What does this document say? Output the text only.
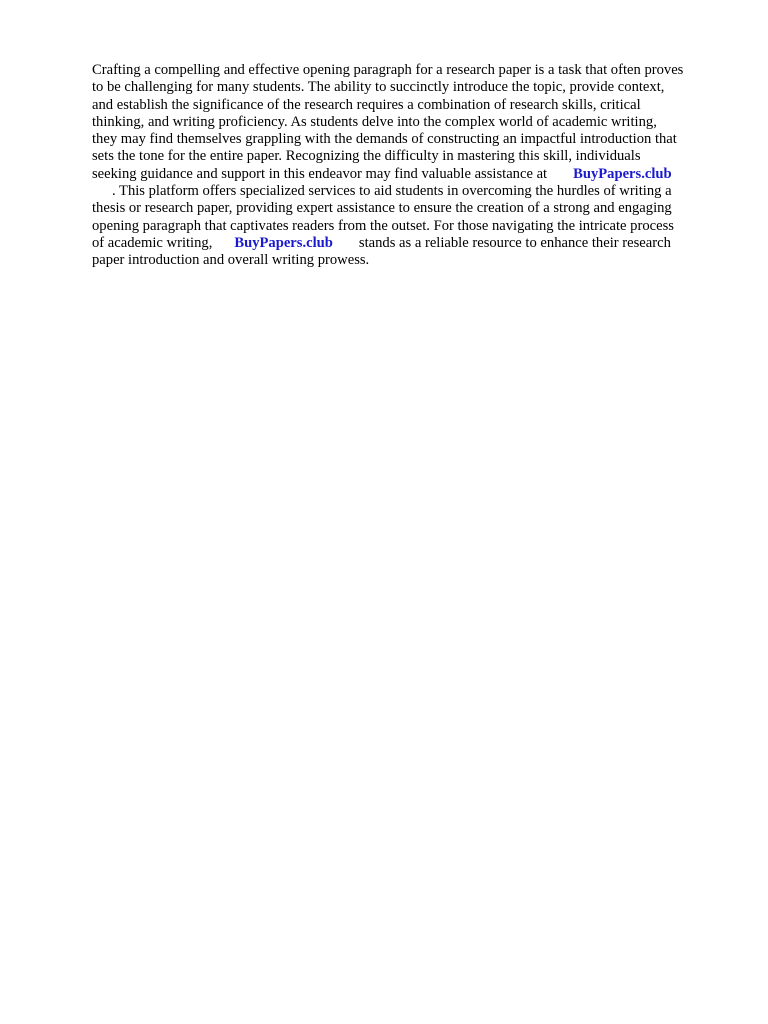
Crafting a compelling and effective opening paragraph for a research paper is a task that often proves
to be challenging for many students. The ability to succinctly introduce the topic, provide context,
and establish the significance of the research requires a combination of research skills, critical
thinking, and writing proficiency. As students delve into the complex world of academic writing,
they may find themselves grappling with the demands of constructing an impactful introduction that
sets the tone for the entire paper. Recognizing the difficulty in mastering this skill, individuals
seeking guidance and support in this endeavor may find valuable assistance at BuyPapers.club
. This platform offers specialized services to aid students in overcoming the hurdles of writing a
thesis or research paper, providing expert assistance to ensure the creation of a strong and engaging
opening paragraph that captivates readers from the outset. For those navigating the intricate process
of academic writing, BuyPapers.club stands as a reliable resource to enhance their research
paper introduction and overall writing prowess.
